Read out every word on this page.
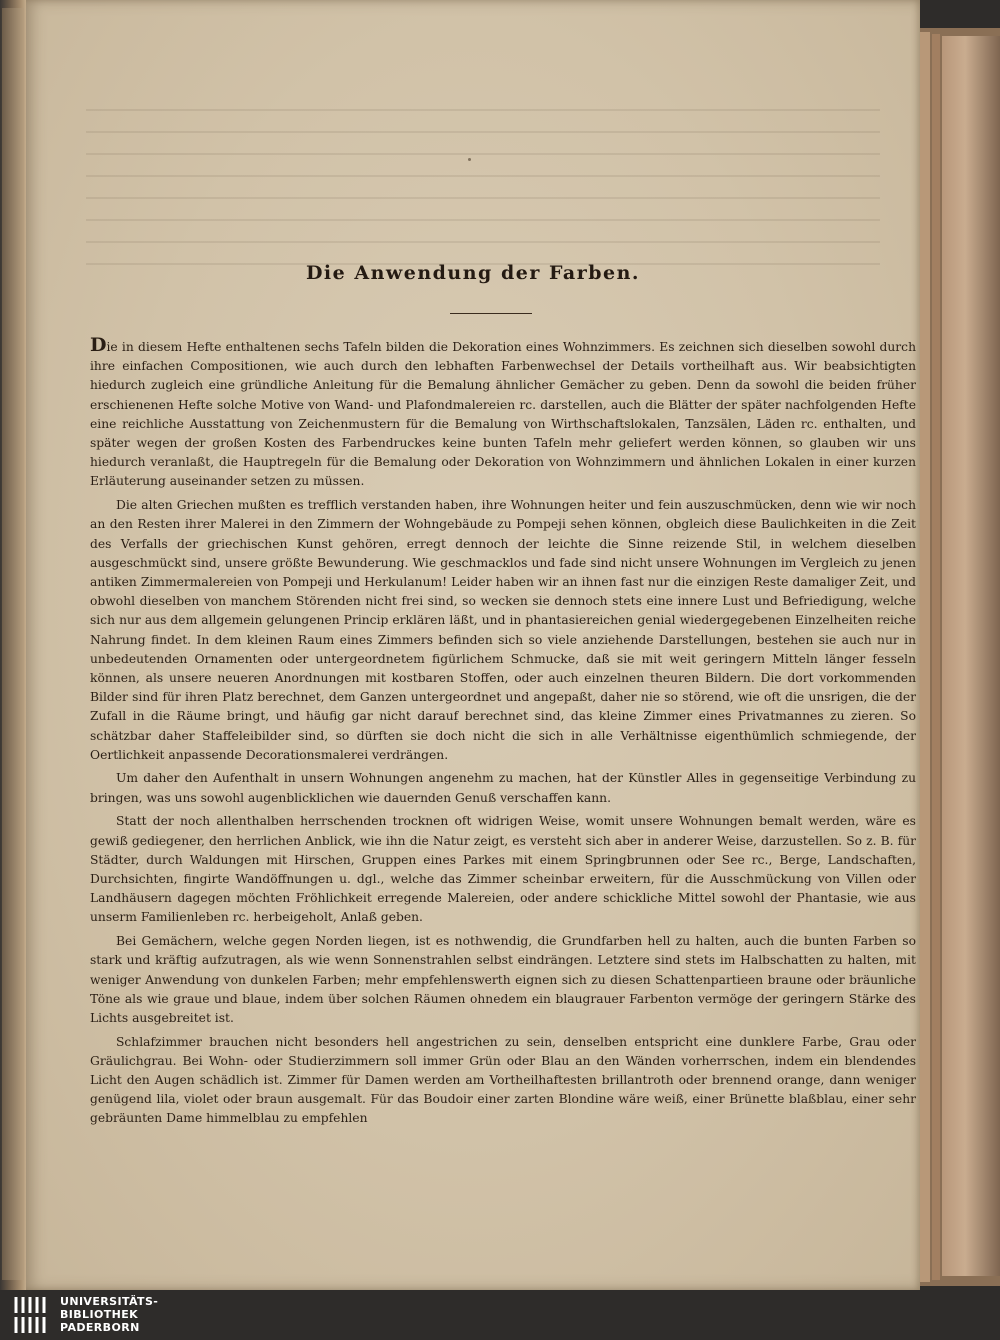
Die Anwendung der Farben.

Die in diesem Hefte enthaltenen sechs Tafeln bilden die Dekoration eines Wohnzimmers. Es zeichnen sich dieselben sowohl durch ihre einfachen Compositionen, wie auch durch den lebhaften Farbenwechsel der Details vortheilhaft aus. Wir beabsichtigten hiedurch zugleich eine gründliche Anleitung für die Bemalung ähnlicher Gemächer zu geben. Denn da sowohl die beiden früher erschienenen Hefte solche Motive von Wand- und Plafondmalereien rc. darstellen, auch die Blätter der später nachfolgenden Hefte eine reichliche Ausstattung von Zeichenmustern für die Bemalung von Wirthschaftslokalen, Tanzsälen, Läden rc. enthalten, und später wegen der großen Kosten des Farbendruckes keine bunten Tafeln mehr geliefert werden können, so glauben wir uns hiedurch veranlaßt, die Hauptregeln für die Bemalung oder Dekoration von Wohnzimmern und ähnlichen Lokalen in einer kurzen Erläuterung auseinander setzen zu müssen.

Die alten Griechen mußten es trefflich verstanden haben, ihre Wohnungen heiter und fein auszuschmücken, denn wie wir noch an den Resten ihrer Malerei in den Zimmern der Wohngebäude zu Pompeji sehen können, obgleich diese Baulichkeiten in die Zeit des Verfalls der griechischen Kunst gehören, erregt dennoch der leichte die Sinne reizende Stil, in welchem dieselben ausgeschmückt sind, unsere größte Bewunderung. Wie geschmacklos und fade sind nicht unsere Wohnungen im Vergleich zu jenen antiken Zimmermalereien von Pompeji und Herkulanum! Leider haben wir an ihnen fast nur die einzigen Reste damaliger Zeit, und obwohl dieselben von manchem Störenden nicht frei sind, so wecken sie dennoch stets eine innere Lust und Befriedigung, welche sich nur aus dem allgemein gelungenen Princip erklären läßt, und in phantasiereichen genial wiedergegebenen Einzelheiten reiche Nahrung findet. In dem kleinen Raum eines Zimmers befinden sich so viele anziehende Darstellungen, bestehen sie auch nur in unbedeutenden Ornamenten oder untergeordnetem figürlichem Schmucke, daß sie mit weit geringern Mitteln länger fesseln können, als unsere neueren Anordnungen mit kostbaren Stoffen, oder auch einzelnen theuren Bildern. Die dort vorkommenden Bilder sind für ihren Platz berechnet, dem Ganzen untergeordnet und angepaßt, daher nie so störend, wie oft die unsrigen, die der Zufall in die Räume bringt, und häufig gar nicht darauf berechnet sind, das kleine Zimmer eines Privatmannes zu zieren. So schätzbar daher Staffeleibilder sind, so dürften sie doch nicht die sich in alle Verhältnisse eigenthümlich schmiegende, der Oertlichkeit anpassende Decorationsmalerei verdrängen.

Um daher den Aufenthalt in unsern Wohnungen angenehm zu machen, hat der Künstler Alles in gegenseitige Verbindung zu bringen, was uns sowohl augenblicklichen wie dauernden Genuß verschaffen kann.

Statt der noch allenthalben herrschenden trocknen oft widrigen Weise, womit unsere Wohnungen bemalt werden, wäre es gewiß gediegener, den herrlichen Anblick, wie ihn die Natur zeigt, es versteht sich aber in anderer Weise, darzustellen. So z. B. für Städter, durch Waldungen mit Hirschen, Gruppen eines Parkes mit einem Springbrunnen oder See rc., Berge, Landschaften, Durchsichten, fingirte Wandöffnungen u. dgl., welche das Zimmer scheinbar erweitern, für die Ausschmückung von Villen oder Landhäusern dagegen möchten Fröhlichkeit erregende Malereien, oder andere schickliche Mittel sowohl der Phantasie, wie aus unserm Familienleben rc. herbeigeholt, Anlaß geben.

Bei Gemächern, welche gegen Norden liegen, ist es nothwendig, die Grundfarben hell zu halten, auch die bunten Farben so stark und kräftig aufzutragen, als wie wenn Sonnenstrahlen selbst eindrängen. Letztere sind stets im Halbschatten zu halten, mit weniger Anwendung von dunkelen Farben; mehr empfehlenswerth eignen sich zu diesen Schattenpartieen braune oder bräunliche Töne als wie graue und blaue, indem über solchen Räumen ohnedem ein blaugrauer Farbenton vermöge der geringern Stärke des Lichts ausgebreitet ist.

Schlafzimmer brauchen nicht besonders hell angestrichen zu sein, denselben entspricht eine dunklere Farbe, Grau oder Gräulichgrau. Bei Wohn- oder Studierzimmern soll immer Grün oder Blau an den Wänden vorherrschen, indem ein blendendes Licht den Augen schädlich ist. Zimmer für Damen werden am Vortheilhaftesten brillantroth oder brennend orange, dann weniger genügend lila, violet oder braun ausgemalt. Für das Boudoir einer zarten Blondine wäre weiß, einer Brünette blaßblau, einer sehr gebräunten Dame himmelblau zu empfehlen

UNIVERSITÄTS-
BIBLIOTHEK
PADERBORN
